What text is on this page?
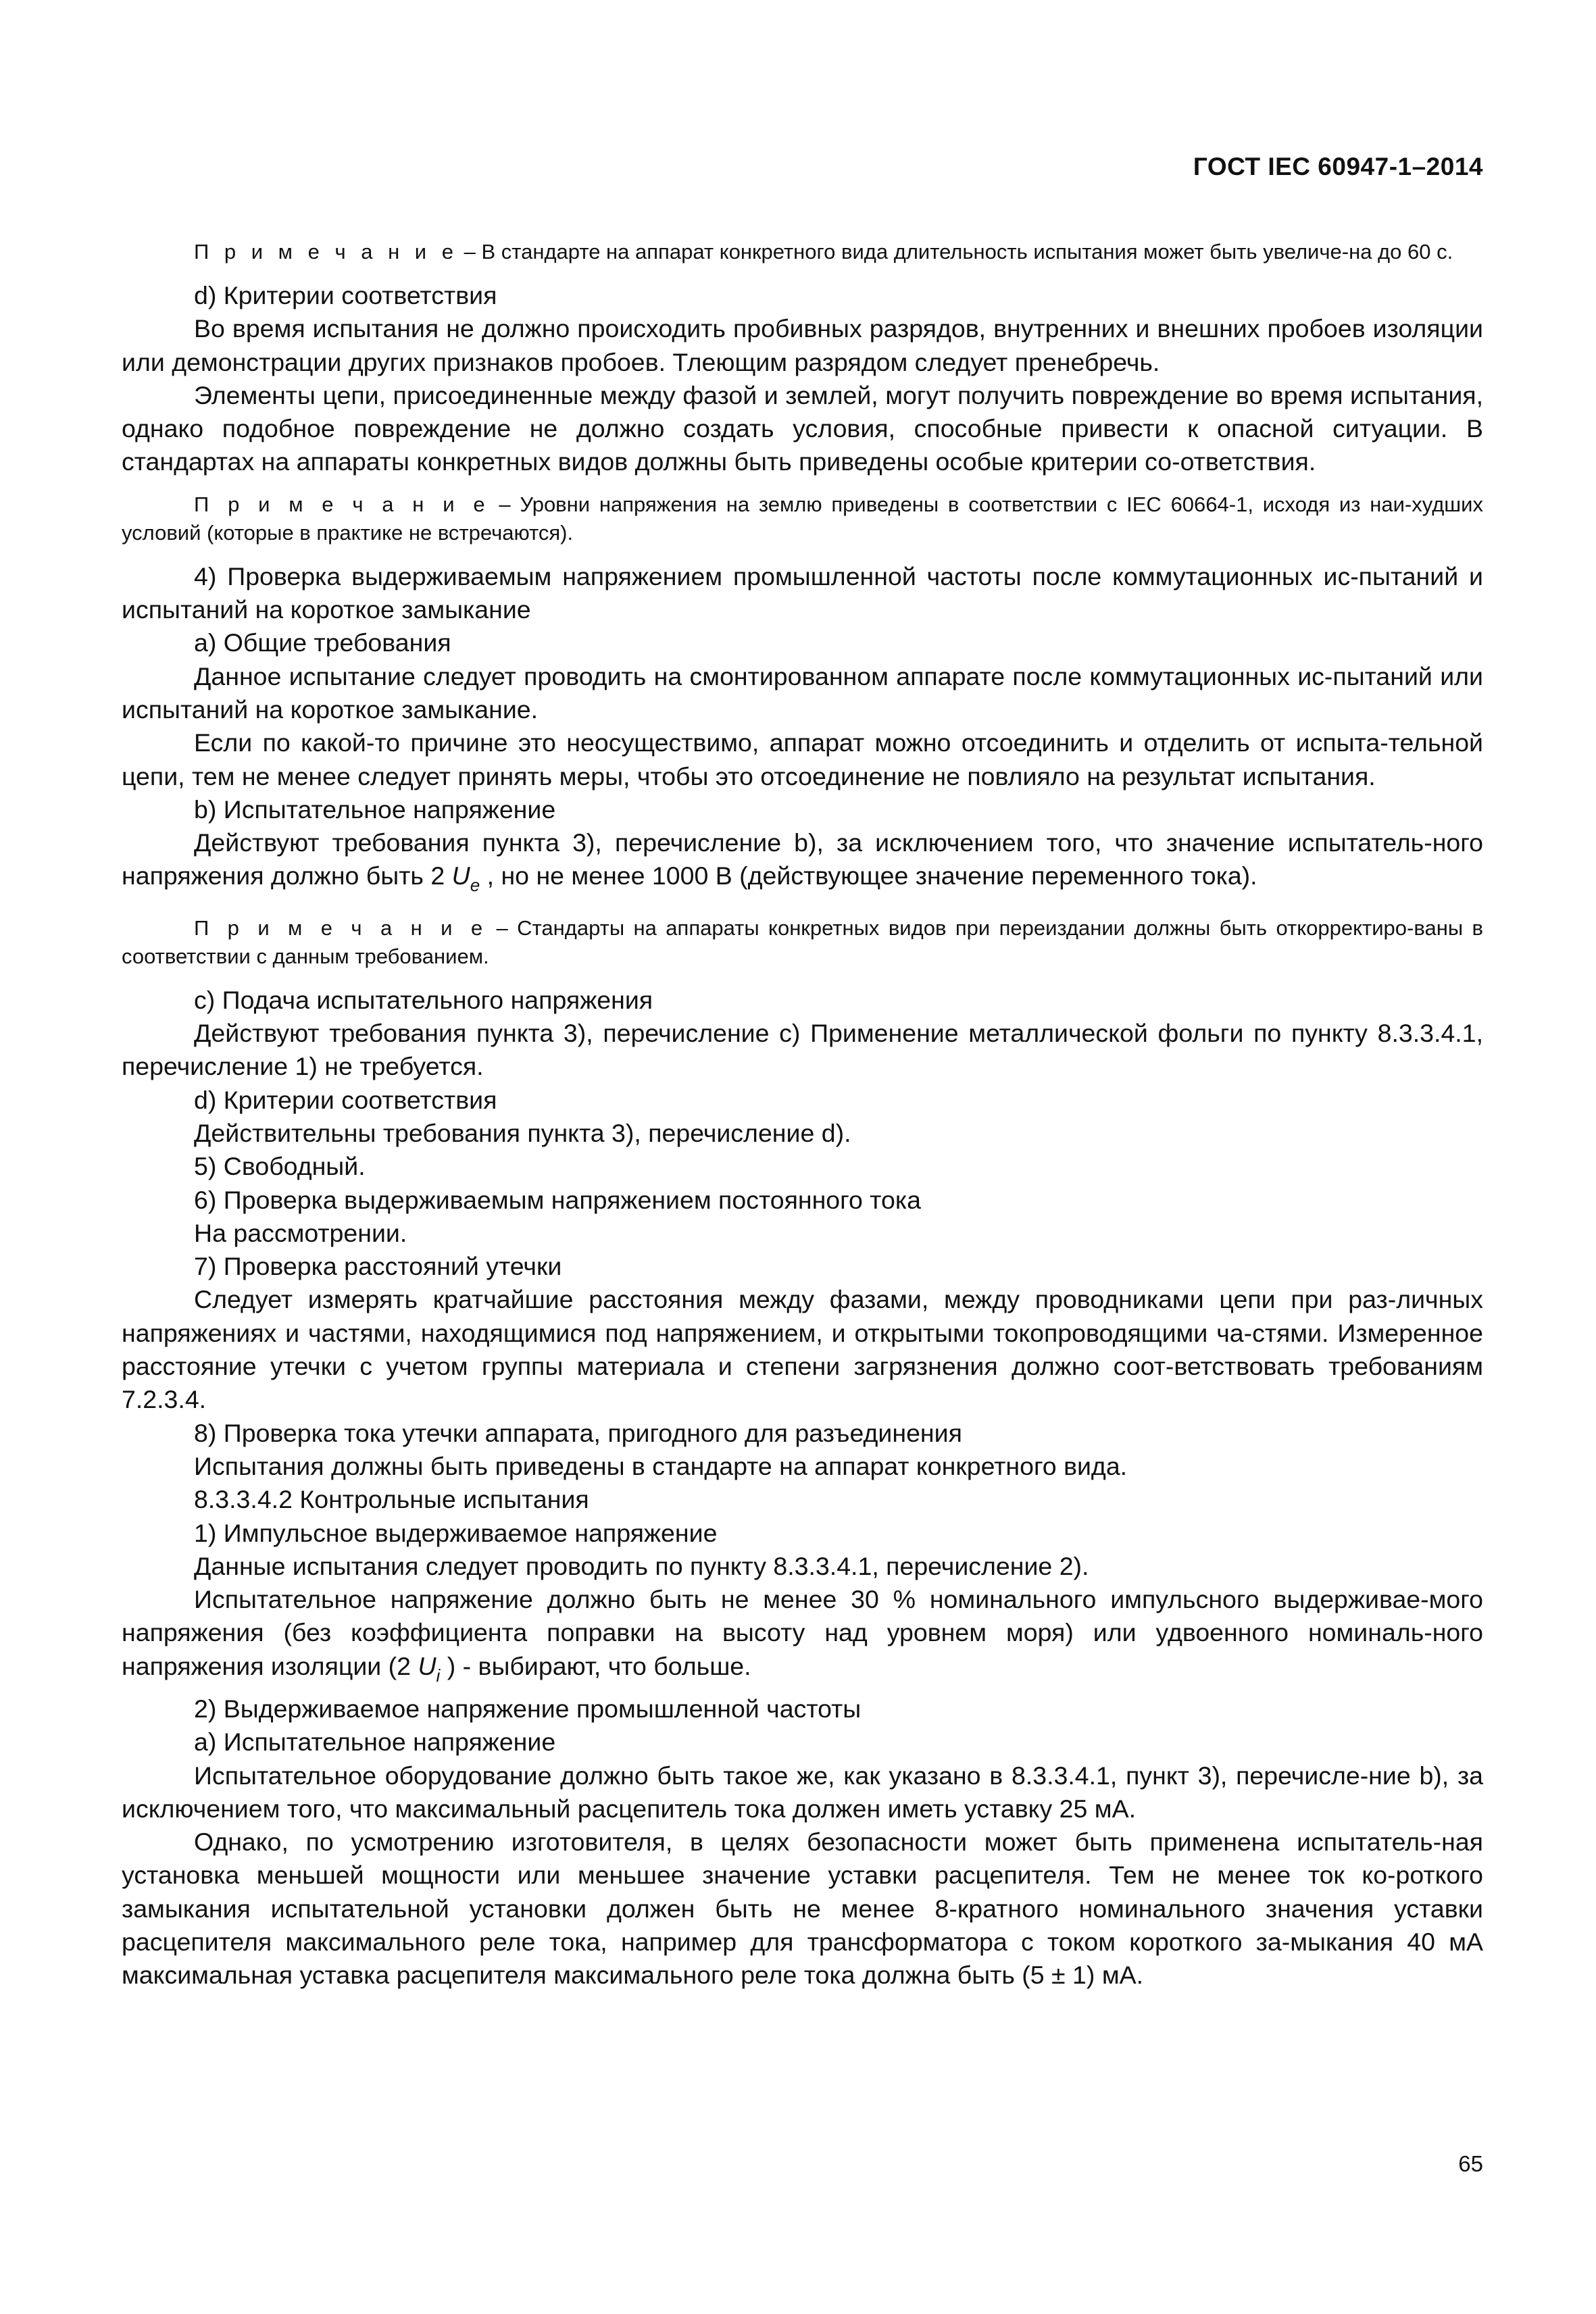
ГОСТ IEC 60947-1–2014

П р и м е ч а н и е – В стандарте на аппарат конкретного вида длительность испытания может быть увеличе-на до 60 с.

d) Критерии соответствия

Во время испытания не должно происходить пробивных разрядов, внутренних и внешних пробоев изоляции или демонстрации других признаков пробоев. Тлеющим разрядом следует пренебречь.

Элементы цепи, присоединенные между фазой и землей, могут получить повреждение во время испытания, однако подобное повреждение не должно создать условия, способные привести к опасной ситуации. В стандартах на аппараты конкретных видов должны быть приведены особые критерии со-ответствия.

П р и м е ч а н и е – Уровни напряжения на землю приведены в соответствии с IEC 60664-1, исходя из наи-худших условий (которые в практике не встречаются).

4) Проверка выдерживаемым напряжением промышленной частоты после коммутационных ис-пытаний и испытаний на короткое замыкание

a) Общие требования

Данное испытание следует проводить на смонтированном аппарате после коммутационных ис-пытаний или испытаний на короткое замыкание.

Если по какой-то причине это неосуществимо, аппарат можно отсоединить и отделить от испыта-тельной цепи, тем не менее следует принять меры, чтобы это отсоединение не повлияло на результат испытания.

b) Испытательное напряжение

Действуют требования пункта 3), перечисление b), за исключением того, что значение испытатель-ного напряжения должно быть 2 $U_e$ , но не менее 1000 В (действующее значение переменного тока).

П р и м е ч а н и е – Стандарты на аппараты конкретных видов при переиздании должны быть откорректиро-ваны в соответствии с данным требованием.

c) Подача испытательного напряжения

Действуют требования пункта 3), перечисление c) Применение металлической фольги по пункту 8.3.3.4.1, перечисление 1) не требуется.

d) Критерии соответствия

Действительны требования пункта 3), перечисление d).

5) Свободный.

6) Проверка выдерживаемым напряжением постоянного тока

На рассмотрении.

7) Проверка расстояний утечки

Следует измерять кратчайшие расстояния между фазами, между проводниками цепи при раз-личных напряжениях и частями, находящимися под напряжением, и открытыми токопроводящими ча-стями. Измеренное расстояние утечки с учетом группы материала и степени загрязнения должно соот-ветствовать требованиям 7.2.3.4.

8) Проверка тока утечки аппарата, пригодного для разъединения

Испытания должны быть приведены в стандарте на аппарат конкретного вида.

8.3.3.4.2 Контрольные испытания

1) Импульсное выдерживаемое напряжение

Данные испытания следует проводить по пункту 8.3.3.4.1, перечисление 2).

Испытательное напряжение должно быть не менее 30 % номинального импульсного выдерживае-мого напряжения (без коэффициента поправки на высоту над уровнем моря) или удвоенного номиналь-ного напряжения изоляции (2 $U_i$ ) - выбирают, что больше.

2) Выдерживаемое напряжение промышленной частоты

a) Испытательное напряжение

Испытательное оборудование должно быть такое же, как указано в 8.3.3.4.1, пункт 3), перечисле-ние b), за исключением того, что максимальный расцепитель тока должен иметь уставку 25 мА.

Однако, по усмотрению изготовителя, в целях безопасности может быть применена испытатель-ная установка меньшей мощности или меньшее значение уставки расцепителя. Тем не менее ток ко-роткого замыкания испытательной установки должен быть не менее 8-кратного номинального значения уставки расцепителя максимального реле тока, например для трансформатора с током короткого за-мыкания 40 мА максимальная уставка расцепителя максимального реле тока должна быть (5 ± 1) мА.

65
